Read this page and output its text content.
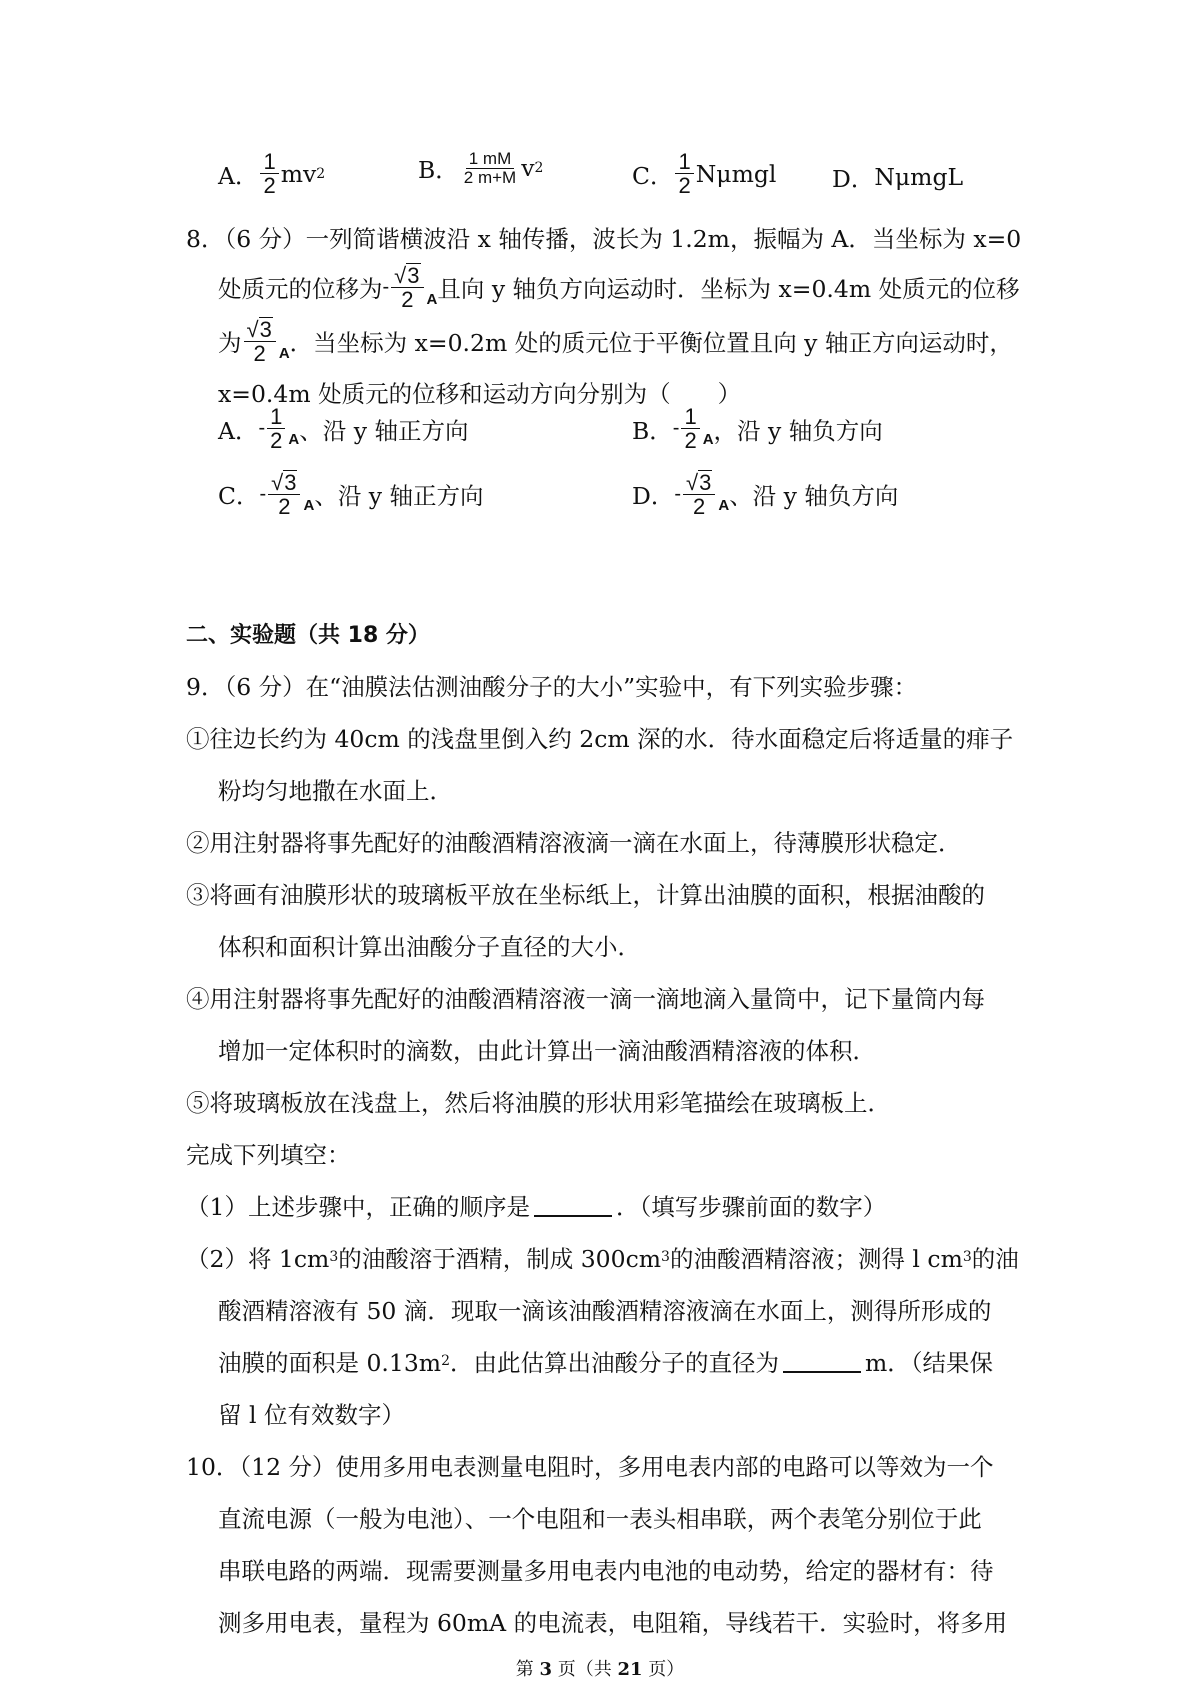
A． $\frac{1}{2}$ mv 2	B． $\frac{1 mM}{2 m+M}$ v 2	C． $\frac{1}{2}$ Nμmgl D． NμmgL
8．（6 分）一列简谐横波沿 x 轴传播，波长为 1.2m，振幅为 A．当坐标为 x=0
处质元的位移为 - $\frac{√ 3}{2}$ A 且向 y 轴负方向运动时．坐标为 x=0.4m 处质元的位移
为 $\frac{√ 3}{2}$ A ．当坐标为 x=0.2m 处的质元位于平衡位置且向 y 轴正方向运动时，
x=0.4m 处质元的位移和运动方向分别为（　　）
A． - $\frac{1}{2}$ A 、沿 y 轴正方向	B． - $\frac{1}{2}$ A ，沿 y 轴负方向
C． - $\frac{√ 3}{2}$ A 、沿 y 轴正方向	D． - $\frac{√ 3}{2}$ A 、沿 y 轴负方向
二、实验题（共 18 分）
9．（6 分）在“油膜法估测油酸分子的大小”实验中，有下列实验步骤：
①往边长约为 40cm 的浅盘里倒入约 2cm 深的水．待水面稳定后将适量的痱子
粉均匀地撒在水面上．
②用注射器将事先配好的油酸酒精溶液滴一滴在水面上，待薄膜形状稳定．
③将画有油膜形状的玻璃板平放在坐标纸上，计算出油膜的面积，根据油酸的
体积和面积计算出油酸分子直径的大小．
④用注射器将事先配好的油酸酒精溶液一滴一滴地滴入量筒中，记下量筒内每
增加一定体积时的滴数，由此计算出一滴油酸酒精溶液的体积．
⑤将玻璃板放在浅盘上，然后将油膜的形状用彩笔描绘在玻璃板上．
完成下列填空：
（1）上述步骤中，正确的顺序是	．（填写步骤前面的数字）
（2）将 1cm 3 的油酸溶于酒精，制成 300cm 3 的油酸酒精溶液；测得 l cm 3 的油
酸酒精溶液有 50 滴．现取一滴该油酸酒精溶液滴在水面上，测得所形成的
油膜的面积是 0.13m 2 ．由此估算出油酸分子的直径为	m．（结果保
留 l 位有效数字）
10．（12 分）使用多用电表测量电阻时，多用电表内部的电路可以等效为一个
直流电源（一般为电池）、一个电阻和一表头相串联，两个表笔分别位于此
串联电路的两端．现需要测量多用电表内电池的电动势，给定的器材有：待
测多用电表，量程为 60mA 的电流表，电阻箱，导线若干．实验时，将多用
第 3 页（共 21 页）
